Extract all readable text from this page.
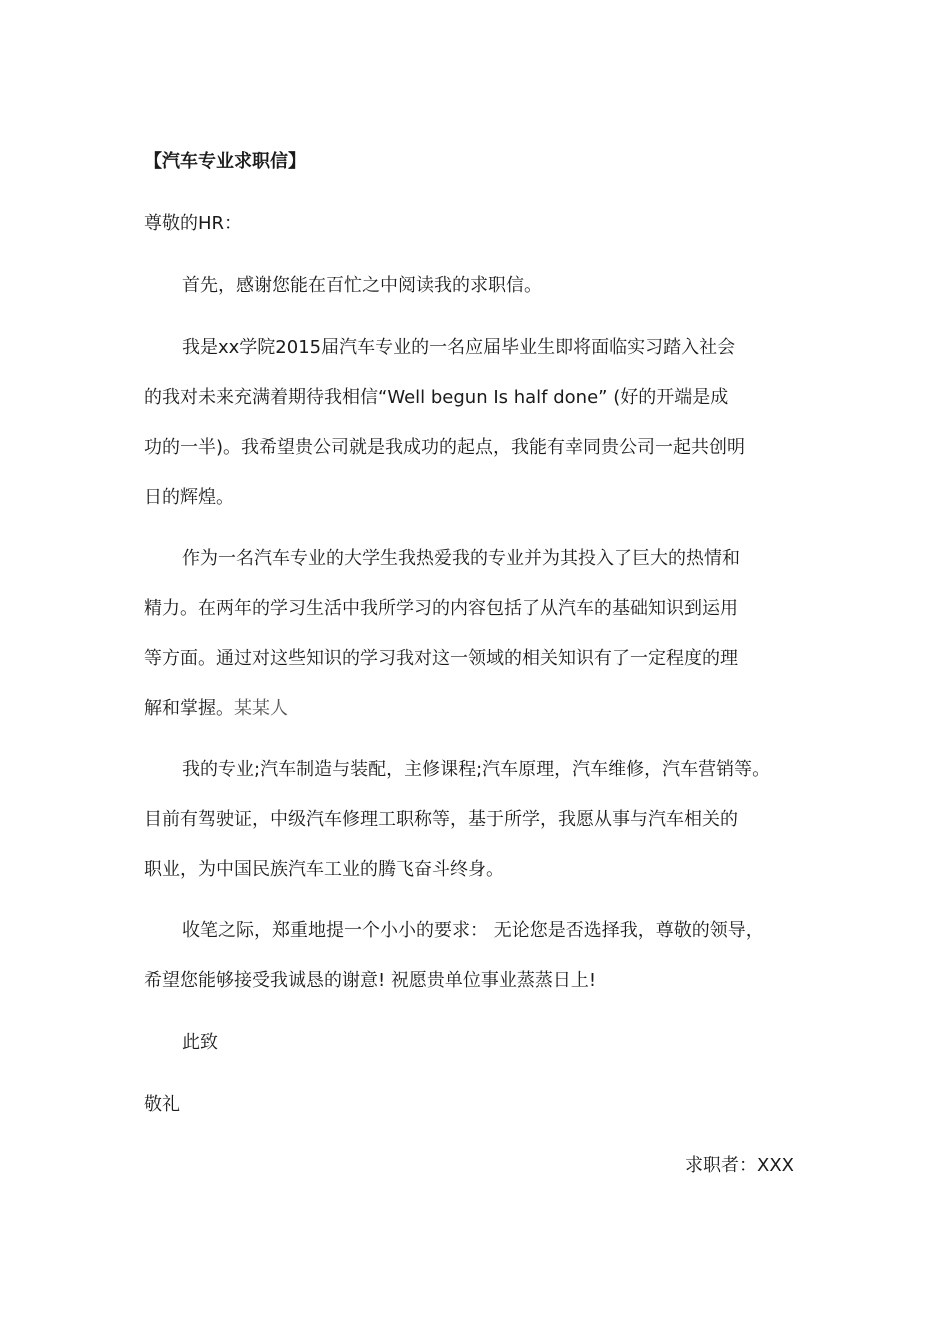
【汽车专业求职信】
尊敬的HR：
首先，感谢您能在百忙之中阅读我的求职信。
我是xx学院2015届汽车专业的一名应届毕业生即将面临实习踏入社会
的我对未来充满着期待我相信“Well begun Is half done” (好的开端是成
功的一半)。我希望贵公司就是我成功的起点，我能有幸同贵公司一起共创明
日的辉煌。
作为一名汽车专业的大学生我热爱我的专业并为其投入了巨大的热情和
精力。在两年的学习生活中我所学习的内容包括了从汽车的基础知识到运用
等方面。通过对这些知识的学习我对这一领域的相关知识有了一定程度的理
解和掌握。某某人
我的专业;汽车制造与装配，主修课程;汽车原理，汽车维修，汽车营销等。
目前有驾驶证，中级汽车修理工职称等，基于所学，我愿从事与汽车相关的
职业，为中国民族汽车工业的腾飞奋斗终身。
收笔之际，郑重地提一个小小的要求： 无论您是否选择我，尊敬的领导，
希望您能够接受我诚恳的谢意! 祝愿贵单位事业蒸蒸日上!
此致
敬礼
求职者：XXX
